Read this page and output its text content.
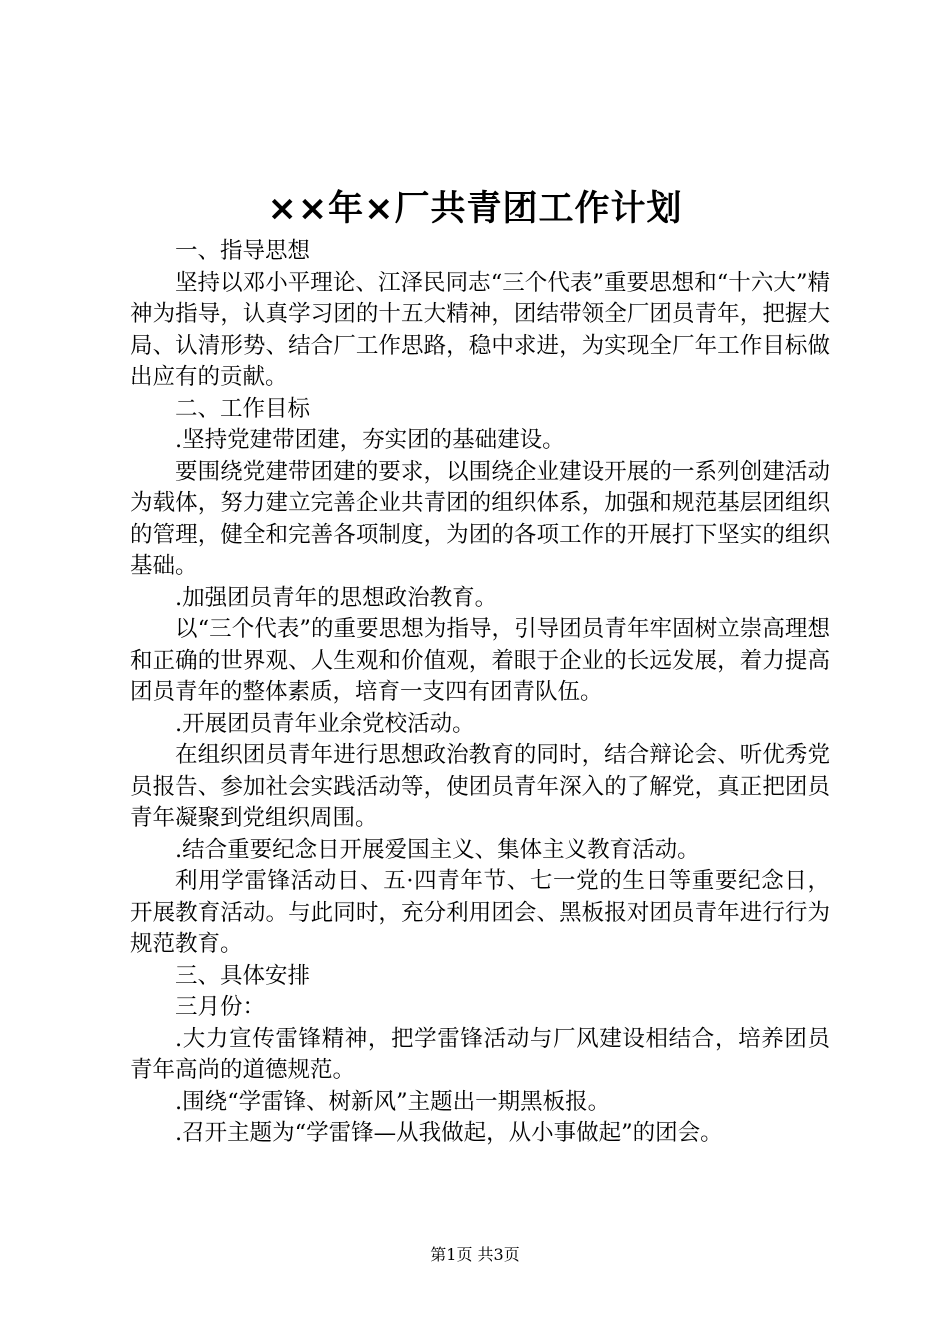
××年×厂共青团工作计划

一、指导思想

坚持以邓小平理论、江泽民同志“三个代表”重要思想和“十六大”精神为指导，认真学习团的十五大精神，团结带领全厂团员青年，把握大局、认清形势、结合厂工作思路，稳中求进，为实现全厂年工作目标做出应有的贡献。

二、工作目标

.坚持党建带团建，夯实团的基础建设。

要围绕党建带团建的要求，以围绕企业建设开展的一系列创建活动为载体，努力建立完善企业共青团的组织体系，加强和规范基层团组织的管理，健全和完善各项制度，为团的各项工作的开展打下坚实的组织基础。

.加强团员青年的思想政治教育。

以“三个代表”的重要思想为指导，引导团员青年牢固树立崇高理想和正确的世界观、人生观和价值观，着眼于企业的长远发展，着力提高团员青年的整体素质，培育一支四有团青队伍。

.开展团员青年业余党校活动。

在组织团员青年进行思想政治教育的同时，结合辩论会、听优秀党员报告、参加社会实践活动等，使团员青年深入的了解党，真正把团员青年凝聚到党组织周围。

.结合重要纪念日开展爱国主义、集体主义教育活动。

利用学雷锋活动日、五·四青年节、七一党的生日等重要纪念日，开展教育活动。与此同时，充分利用团会、黑板报对团员青年进行行为规范教育。

三、具体安排

三月份：

.大力宣传雷锋精神，把学雷锋活动与厂风建设相结合，培养团员青年高尚的道德规范。

.围绕“学雷锋、树新风”主题出一期黑板报。

.召开主题为“学雷锋—从我做起，从小事做起”的团会。

第1页 共3页
